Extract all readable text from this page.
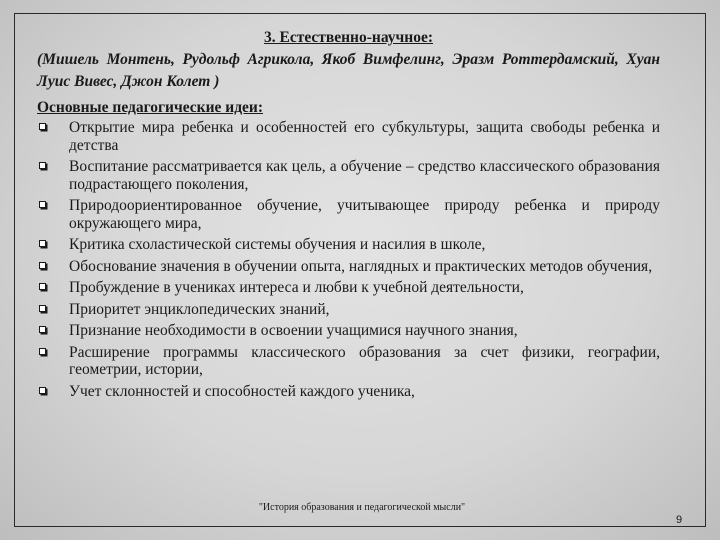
3. Естественно-научное:
(Мишель Монтень, Рудольф Агрикола, Якоб Вимфелинг, Эразм Роттердамский, Хуан Луис Вивес, Джон Колет )
Основные педагогические идеи:
Открытие мира ребенка и особенностей его субкультуры, защита свободы ребенка и детства
Воспитание рассматривается как цель, а обучение – средство классического образования подрастающего поколения,
Природоориентированное обучение, учитывающее природу ребенка и природу окружающего мира,
Критика схоластической системы обучения и насилия в школе,
Обоснование значения в обучении опыта, наглядных и практических методов обучения,
Пробуждение в учениках интереса и любви к учебной деятельности,
Приоритет энциклопедических знаний,
Признание необходимости в освоении учащимися научного знания,
Расширение программы классического образования за счет физики, географии, геометрии, истории,
Учет склонностей и способностей каждого ученика,
"История образования и педагогической мысли"
9
